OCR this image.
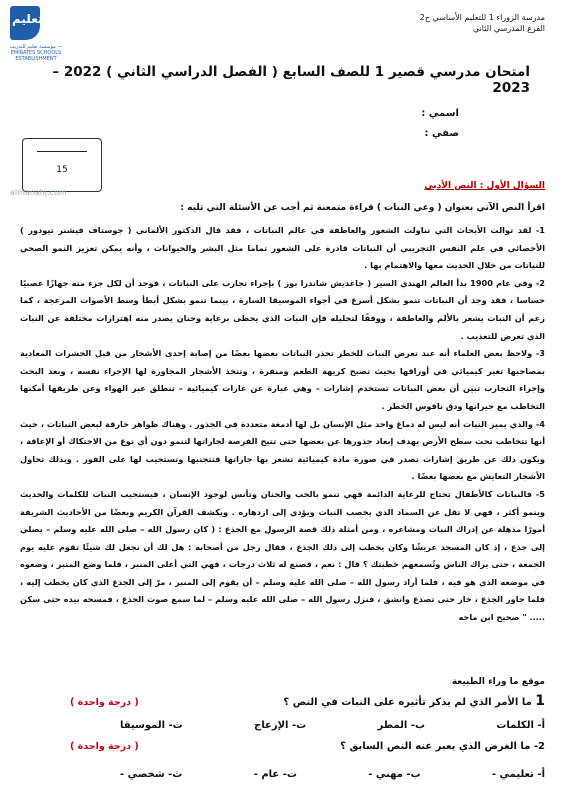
مدرسة الزوراء 1 للتعليم الأساسي ح2
الفرع المدرسي الثاني
تعليم
مؤسسة تعليم للتدريب — EMIRATES SCHOOLS ESTABLISHMENT
امتحان مدرسي قصير 1 للصف السابع ( الفصل الدراسي الثاني ) 2022 – 2023
اسمي :
صفي :
15
almanahj.com
السؤال الأول : النص الأدبي
اقرأ النص الآتي بعنوان ( وعي النبات ) قراءة متمعنة ثم أجب عن الأسئلة التي تليه :

1- لقد توالت الأبحاث التي تناولت الشعور والعاطفة في عالم النباتات ، فقد قال الدكتور الألماني ( جوستاف فيشنر تيودور ) الأخصائي في علم النفس التجريبي أن النباتات قادرة على الشعور تماما مثل البشر والحيوانات ، وأنه يمكن تعزيز النمو الصحي للنباتات من خلال الحديث معها والاهتمام بها .

2- وفي عام 1900 بدأ العالم الهندي السير ( جاغديش شاندرا بوز ) بإجراء تجارب على النباتات ، فوجد أن لكل جزء منه جهازًا عصبيًا حساسا ، فقد وجد أن النباتات تنمو بشكل أسرع في أجواء الموسيقا السارة ، بينما تنمو بشكل أبطأ وسط الأصوات المزعجة ، كما زعم أن النبات يشعر بالألم والعاطفة ، ووفقًا لتحليله فإن النبات الذي يحظى برعاية وحنان يصدر منه اهتزازات مختلفة عن النبات الذي تعرض للتعذيب .

3- ولاحظ بعض العلماء أنه عند تعرض النبات للخطر تحذر النباتات بعضها بعضًا من إصابة إحدى الأشجار من قبل الحشرات المعادية بمصاحبها تغير كيميائي في أوراقها بحيث تصبح كريهة الطعم ومنفرة ، وتتخذ الأشجار المجاورة لها الإجراء نفسه ، وبعد البحث وإجراء التجارب تبين أن بعض النباتات تستخدم إشارات – وهي عبارة عن غازات كيميائية – تنطلق عبر الهواء وعن طريقها أمكنها التخاطب مع جيرانها ودق ناقوس الخطر .

4- والذي يميز النبات أنه ليس له دماغ واحد مثل الإنسان بل لها أدمغة متعددة في الجذور . وهناك ظواهر خارقة لبعض النباتات ، حيث أنها تتخاطب تحت سطح الأرض بهدف إبعاد جذورها عن بعضها حتى تتيح الفرصة لجاراتها لتنمو دون أي نوع من الاحتكاك أو الإعاقة ، ويكون ذلك عن طريق إشارات تصدر في صورة مادة كيميائية تشعر بها جاراتها فتتجنبها وتستجيب لها على الفور . وبذلك تحاول الأشجار التعايش مع بعضها بعضًا .

5- فالنباتات كالأطفال تحتاج للرعاية الدائمة فهي تنمو بالحب والحنان وتأنس لوجود الإنسان ، فيستجيب النبات للكلمات والحديث وينمو أكثر ، فهي لا تقل عن السماد الذي يخصب النبات ويؤدي إلى ازدهاره . ويكشف القرآن الكريم وبعضًا من الأحاديث الشريفة أمورًا مذهلة عن إدراك النبات ومشاعره ، ومن أمثلة ذلك قصة الرسول مع الجذع : ( كان رسول الله – صلى الله عليه وسلم – يصلي إلى جذع ، إذ كان المسجد عريشًا وكان يخطب إلى ذلك الجذع ، فقال رجل من أصحابه : هل لك أن نجعل لك شيئًا تقوم عليه يوم الجمعة ، حتى يراك الناس وتُسمعهم خطبتك ؟ قال : نعم ، فصنع له ثلاث درجات ، فهي التي أعلى المنبر ، فلما وضع المنبر ، وضعوه في موضعه الذي هو فيه ، فلما أراد رسول الله – صلى الله عليه وسلم – أن يقوم إلى المنبر ، مرّ إلى الجذع الذي كان يخطب إليه ، فلما جاوز الجذع ، خار حتى تصدع وانشق ، فنزل رسول الله – صلى الله عليه وسلم – لما سمع صوت الجذع ، فمسحه بيده حتى سكن ..... " صحيح ابن ماجه

موقع ما وراء الطبيعة
1 ما الأمر الذي لم يذكر تأثيره على النبات في النص ؟
( درجة واحدة )
أ- الكلمات
ب- المطر
ت- الإزعاج
ث- الموسيقا
2- ما الغرض الذي يعبر عنه النص السابق ؟
( درجة واحدة )
أ- تعليمي -
ب- مهني -
ت- عام -
ث- شخصي -
